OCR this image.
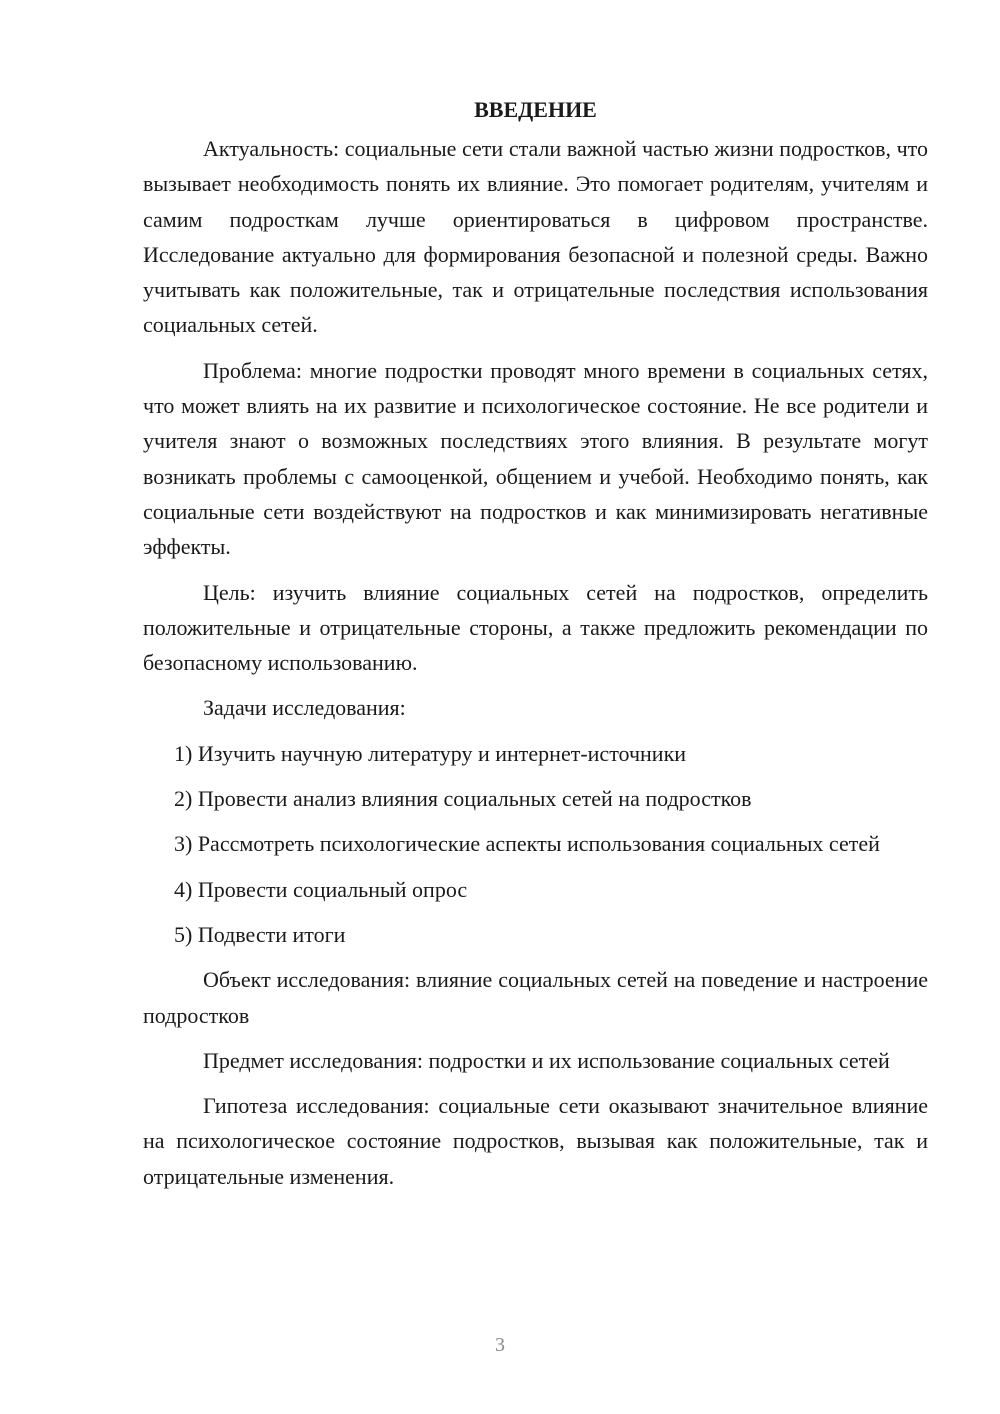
ВВЕДЕНИЕ

Актуальность: социальные сети стали важной частью жизни подростков, что вызывает необходимость понять их влияние. Это помогает родителям, учителям и самим подросткам лучше ориентироваться в цифровом пространстве. Исследование актуально для формирования безопасной и полезной среды. Важно учитывать как положительные, так и отрицательные последствия использования социальных сетей.

Проблема: многие подростки проводят много времени в социальных сетях, что может влиять на их развитие и психологическое состояние. Не все родители и учителя знают о возможных последствиях этого влияния. В результате могут возникать проблемы с самооценкой, общением и учебой. Необходимо понять, как социальные сети воздействуют на подростков и как минимизировать негативные эффекты.

Цель: изучить влияние социальных сетей на подростков, определить положительные и отрицательные стороны, а также предложить рекомендации по безопасному использованию.

Задачи исследования:

1) Изучить научную литературу и интернет-источники

2) Провести анализ влияния социальных сетей на подростков

3) Рассмотреть психологические аспекты использования социальных сетей

4) Провести социальный опрос

5) Подвести итоги

Объект исследования: влияние социальных сетей на поведение и настроение подростков

Предмет исследования: подростки и их использование социальных сетей

Гипотеза исследования: социальные сети оказывают значительное влияние на психологическое состояние подростков, вызывая как положительные, так и отрицательные изменения.

3
